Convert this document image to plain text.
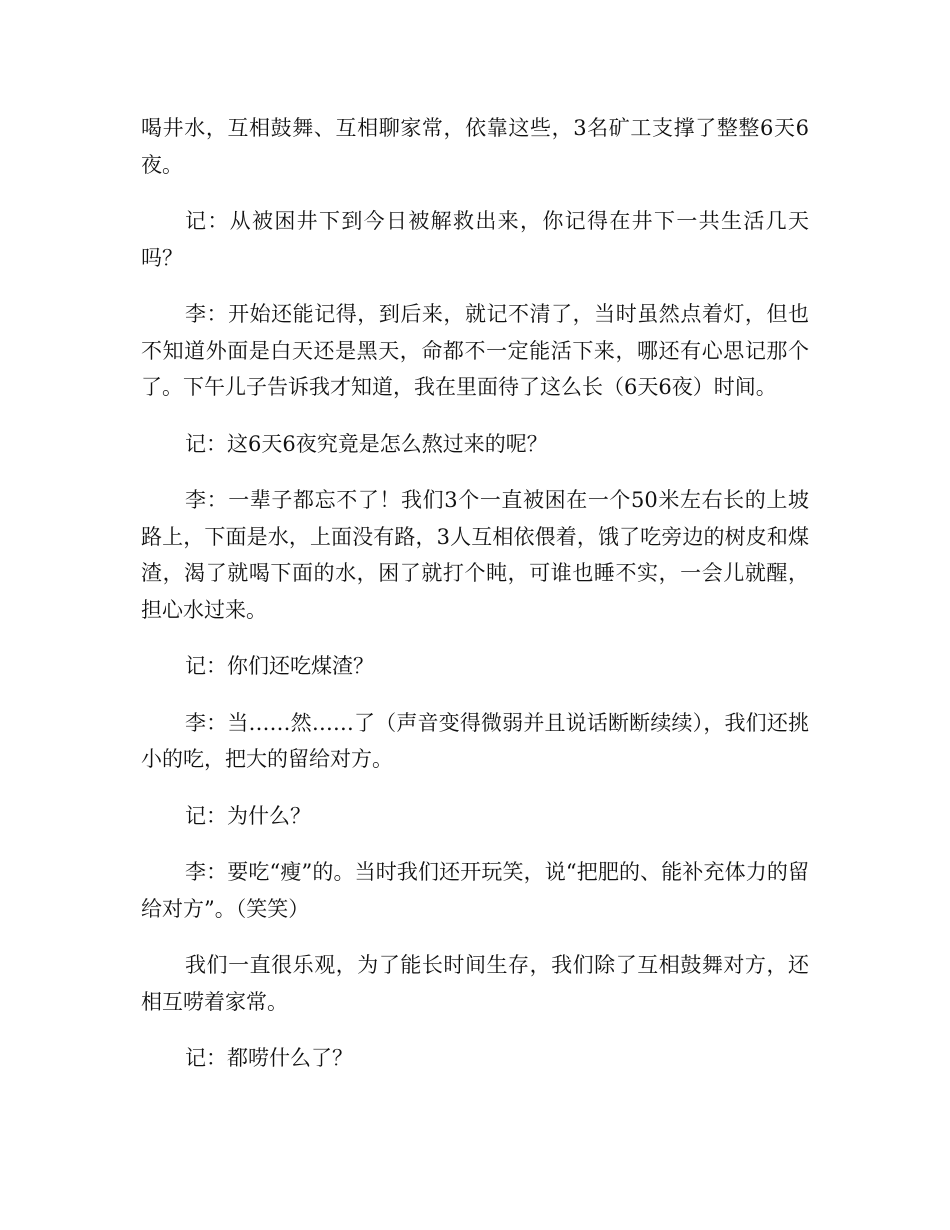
喝井水，互相鼓舞、互相聊家常，依靠这些，3名矿工支撑了整整6天6夜。

记：从被困井下到今日被解救出来，你记得在井下一共生活几天吗？

李：开始还能记得，到后来，就记不清了，当时虽然点着灯，但也不知道外面是白天还是黑天，命都不一定能活下来，哪还有心思记那个了。下午儿子告诉我才知道，我在里面待了这么长（6天6夜）时间。

记：这6天6夜究竟是怎么熬过来的呢？

李：一辈子都忘不了！我们3个一直被困在一个50米左右长的上坡路上，下面是水，上面没有路，3人互相依偎着，饿了吃旁边的树皮和煤渣，渴了就喝下面的水，困了就打个盹，可谁也睡不实，一会儿就醒，担心水过来。

记：你们还吃煤渣？

李：当……然……了（声音变得微弱并且说话断断续续），我们还挑小的吃，把大的留给对方。

记：为什么？

李：要吃“瘦”的。当时我们还开玩笑，说“把肥的、能补充体力的留给对方”。（笑笑）

我们一直很乐观，为了能长时间生存，我们除了互相鼓舞对方，还相互唠着家常。

记：都唠什么了？
